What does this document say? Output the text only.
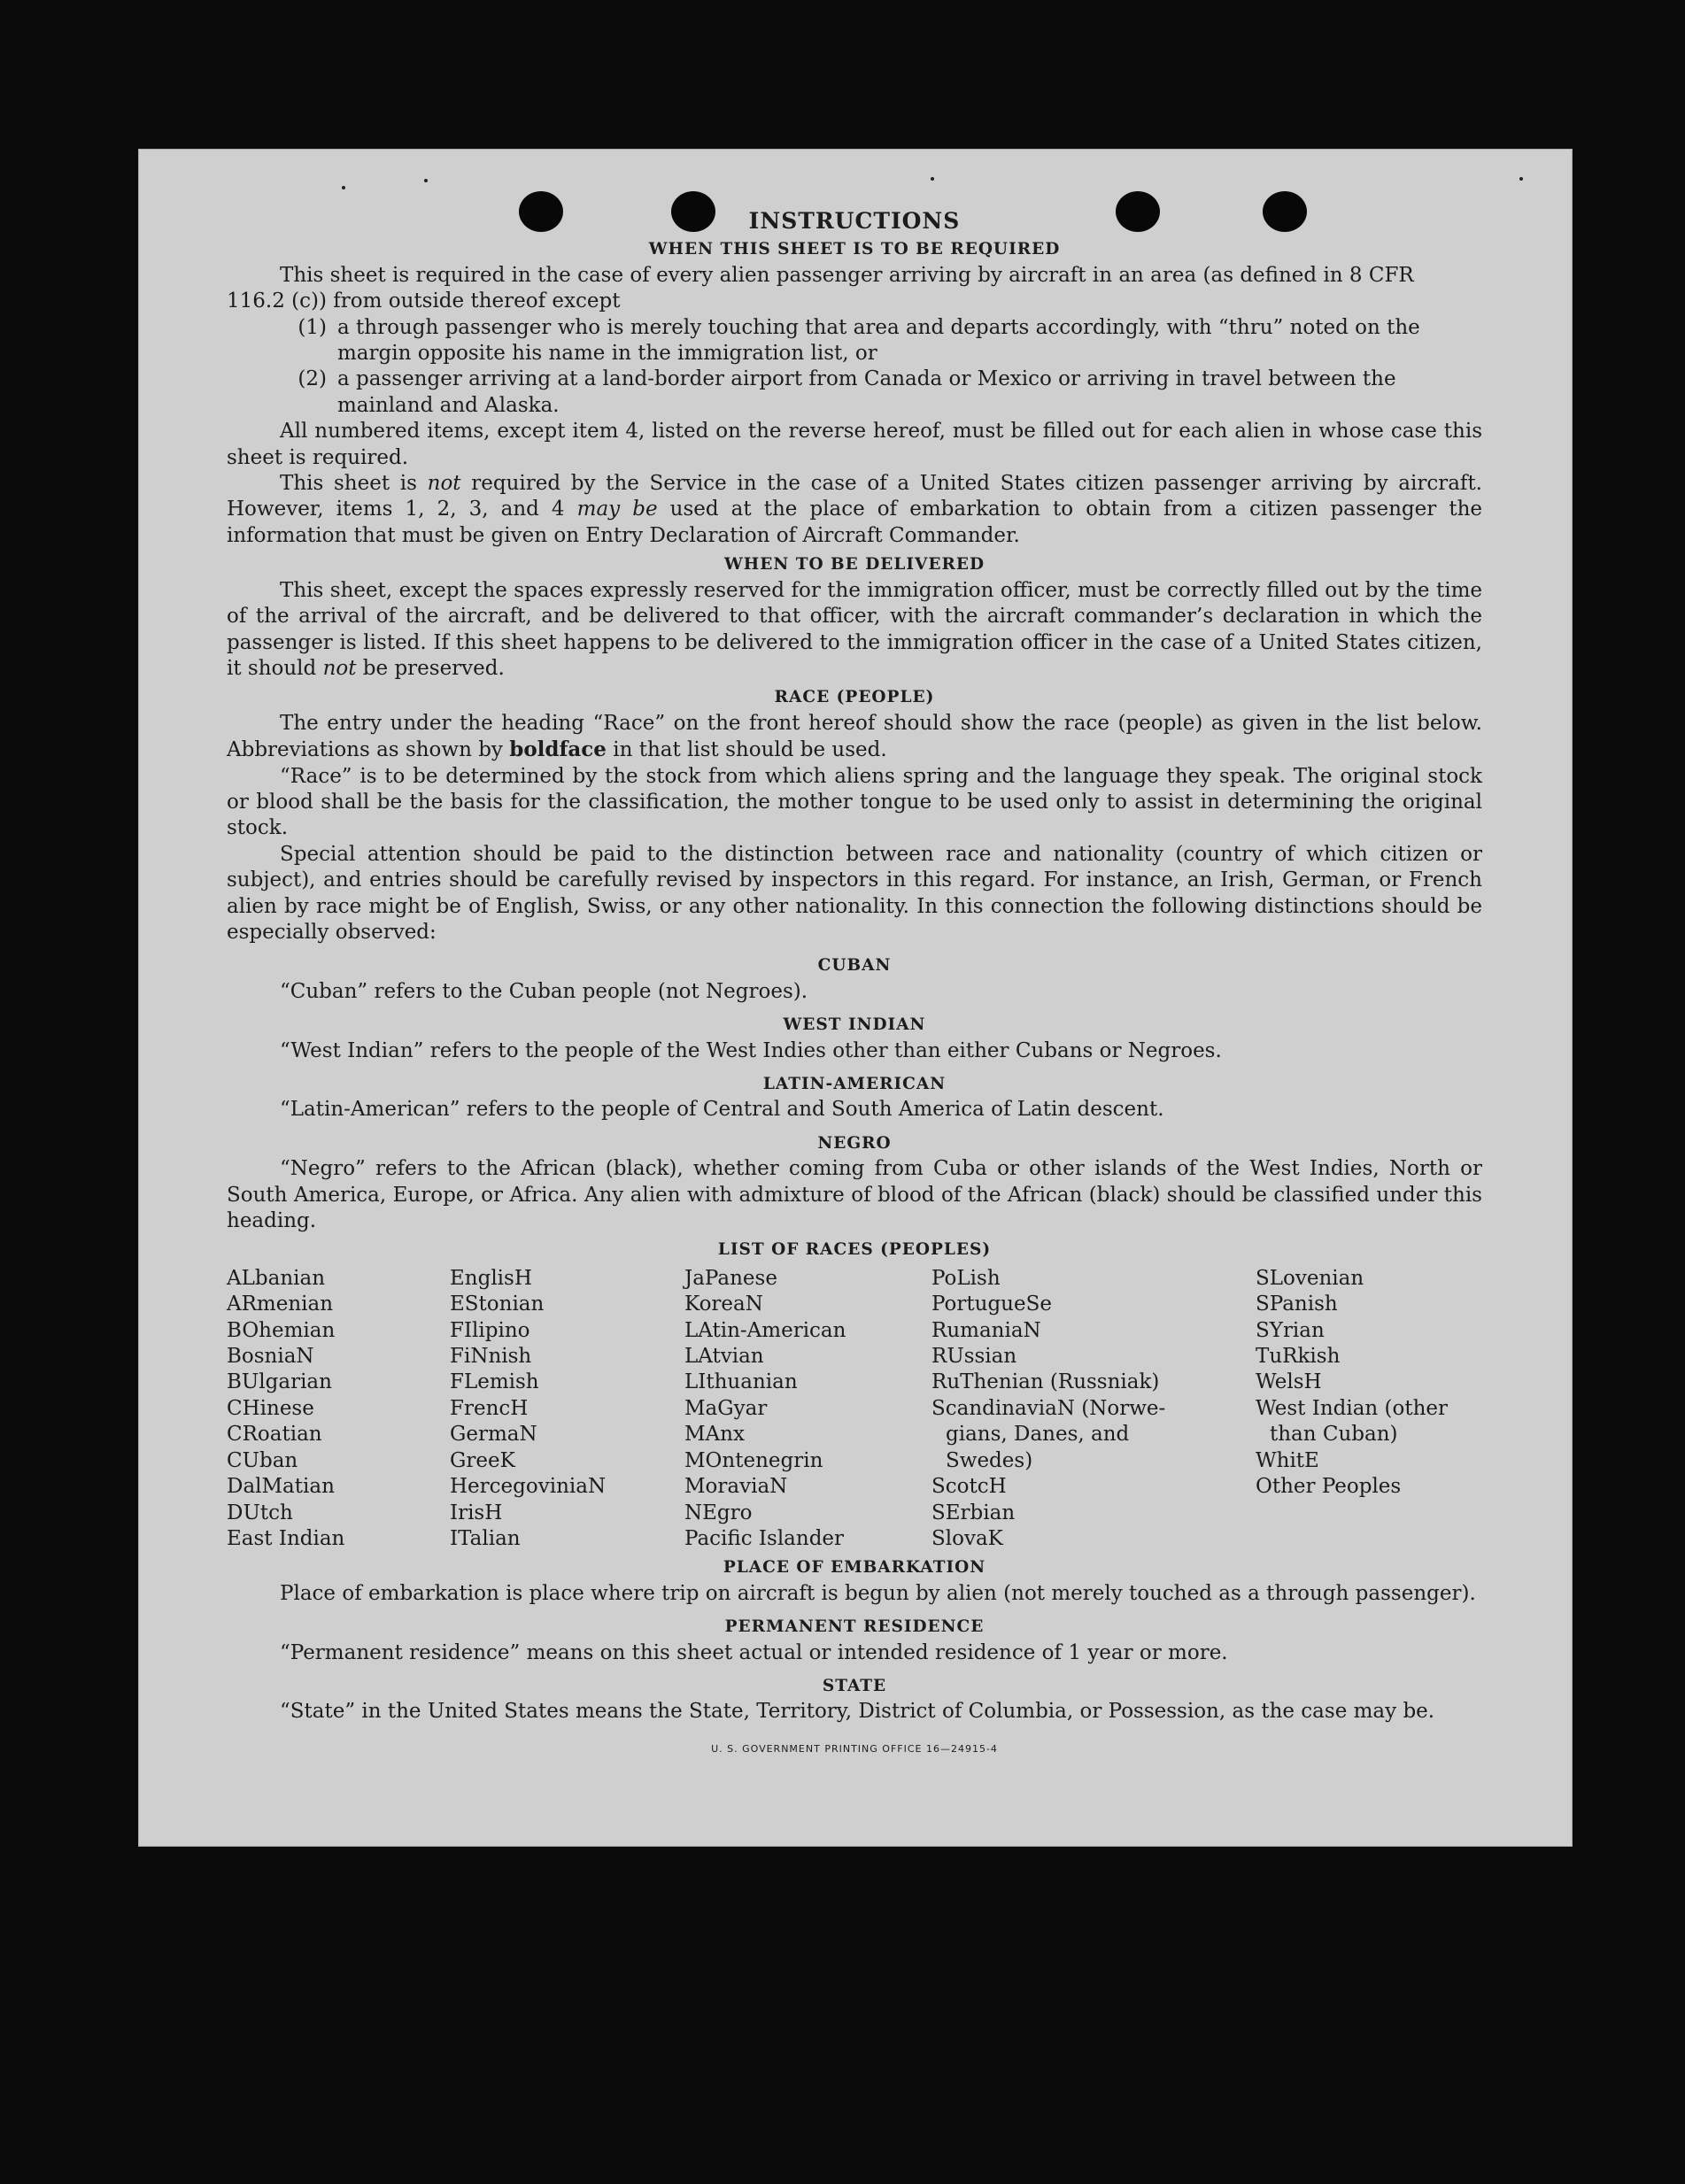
INSTRUCTIONS
WHEN THIS SHEET IS TO BE REQUIRED
This sheet is required in the case of every alien passenger arriving by aircraft in an area (as defined in 8 CFR
116.2 (c)) from outside thereof except
(1) a through passenger who is merely touching that area and departs accordingly, with “thru” noted on the margin opposite his name in the immigration list, or
(2) a passenger arriving at a land-border airport from Canada or Mexico or arriving in travel between the mainland and Alaska.
All numbered items, except item 4, listed on the reverse hereof, must be filled out for each alien in whose case this sheet is required.
This sheet is not required by the Service in the case of a United States citizen passenger arriving by aircraft. However, items 1, 2, 3, and 4 may be used at the place of embarkation to obtain from a citizen passenger the information that must be given on Entry Declaration of Aircraft Commander.
WHEN TO BE DELIVERED
This sheet, except the spaces expressly reserved for the immigration officer, must be correctly filled out by the time of the arrival of the aircraft, and be delivered to that officer, with the aircraft commander’s declaration in which the passenger is listed. If this sheet happens to be delivered to the immigration officer in the case of a United States citizen, it should not be preserved.
RACE (PEOPLE)
The entry under the heading “Race” on the front hereof should show the race (people) as given in the list below. Abbreviations as shown by boldface in that list should be used.
“Race” is to be determined by the stock from which aliens spring and the language they speak. The original stock or blood shall be the basis for the classification, the mother tongue to be used only to assist in determining the original stock.
Special attention should be paid to the distinction between race and nationality (country of which citizen or subject), and entries should be carefully revised by inspectors in this regard. For instance, an Irish, German, or French alien by race might be of English, Swiss, or any other nationality. In this connection the following distinctions should be especially observed:
CUBAN
“Cuban” refers to the Cuban people (not Negroes).
WEST INDIAN
“West Indian” refers to the people of the West Indies other than either Cubans or Negroes.
LATIN-AMERICAN
“Latin-American” refers to the people of Central and South America of Latin descent.
NEGRO
“Negro” refers to the African (black), whether coming from Cuba or other islands of the West Indies, North or South America, Europe, or Africa. Any alien with admixture of blood of the African (black) should be classified under this heading.
LIST OF RACES (PEOPLES)
ALbanian
ARmenian
BOhemian
BosniaN
BUlgarian
CHinese
CRoatian
CUban
DalMatian
DUtch
East Indian
EnglisH
EStonian
FIlipino
FiNnish
FLemish
FrencH
GermaN
GreeK
HercegoviniaN
IrisH
ITalian
JaPanese
KoreaN
LAtin-American
LAtvian
LIthuanian
MaGyar
MAnx
MOntenegrin
MoraviaN
NEgro
Pacific Islander
PoLish
PortugueSe
RumaniaN
RUssian
RuThenian (Russniak)
ScandinaviaN (Norwe-
gians, Danes, and
Swedes)
ScotcH
SErbian
SlovaK
SLovenian
SPanish
SYrian
TuRkish
WelsH
West Indian (other
than Cuban)
WhitE
Other Peoples
PLACE OF EMBARKATION
Place of embarkation is place where trip on aircraft is begun by alien (not merely touched as a through passenger).
PERMANENT RESIDENCE
“Permanent residence” means on this sheet actual or intended residence of 1 year or more.
STATE
“State” in the United States means the State, Territory, District of Columbia, or Possession, as the case may be.
U. S. GOVERNMENT PRINTING OFFICE 16—24915-4
